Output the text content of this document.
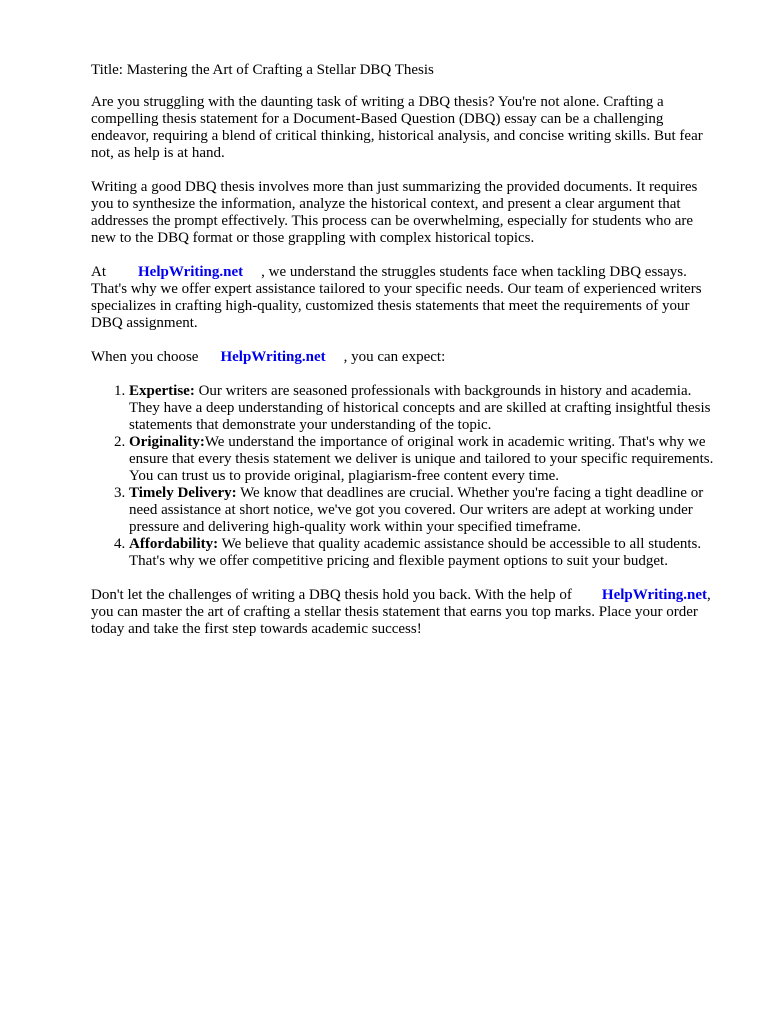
Title: Mastering the Art of Crafting a Stellar DBQ Thesis

Are you struggling with the daunting task of writing a DBQ thesis? You're not alone. Crafting a compelling thesis statement for a Document-Based Question (DBQ) essay can be a challenging endeavor, requiring a blend of critical thinking, historical analysis, and concise writing skills. But fear not, as help is at hand.

Writing a good DBQ thesis involves more than just summarizing the provided documents. It requires you to synthesize the information, analyze the historical context, and present a clear argument that addresses the prompt effectively. This process can be overwhelming, especially for students who are new to the DBQ format or those grappling with complex historical topics.

At HelpWriting.net , we understand the struggles students face when tackling DBQ essays. That's why we offer expert assistance tailored to your specific needs. Our team of experienced writers specializes in crafting high-quality, customized thesis statements that meet the requirements of your DBQ assignment.

When you choose HelpWriting.net , you can expect:

1. Expertise: Our writers are seasoned professionals with backgrounds in history and academia. They have a deep understanding of historical concepts and are skilled at crafting insightful thesis statements that demonstrate your understanding of the topic.
2. Originality:We understand the importance of original work in academic writing. That's why we ensure that every thesis statement we deliver is unique and tailored to your specific requirements. You can trust us to provide original, plagiarism-free content every time.
3. Timely Delivery: We know that deadlines are crucial. Whether you're facing a tight deadline or need assistance at short notice, we've got you covered. Our writers are adept at working under pressure and delivering high-quality work within your specified timeframe.
4. Affordability: We believe that quality academic assistance should be accessible to all students. That's why we offer competitive pricing and flexible payment options to suit your budget.

Don't let the challenges of writing a DBQ thesis hold you back. With the help of HelpWriting.net, you can master the art of crafting a stellar thesis statement that earns you top marks. Place your order today and take the first step towards academic success!
